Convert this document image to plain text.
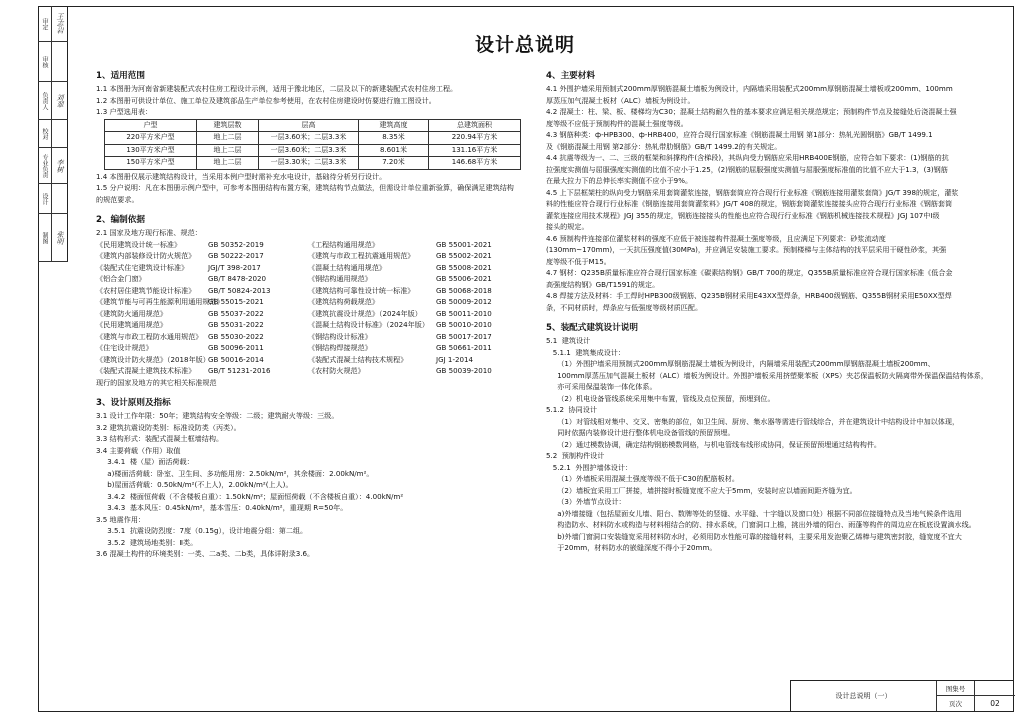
审定	王志岩
审核
负责人	刘翠
校对
专业负责	李树
设计
制图	张明
设计总说明
1、适用范围
1.1 本图册为河南省新建装配式农村住房工程设计示例，适用于豫北地区，二层及以下的新建装配式农村住房工程。
1.2 本图册可供设计单位、施工单位及建筑部品生产单位参考使用，在农村住房建设时仿要进行施工图设计。
1.3 户型选用表：
户型	建筑层数	层高	建筑高度	总建筑面积
220平方米户型	地上二层	一层3.60米；二层3.3米	8.35米	220.94平方米
130平方米户型	地上二层	一层3.60米；二层3.3米	8.601米	131.16平方米
150平方米户型	地上二层	一层3.30米；二层3.3米	7.20米	146.68平方米
1.4 本图册仅展示建筑结构设计，当采用本例户型时需补充水电设计，基础待分析另行设计。
1.5 分户说明：凡在本图册示例户型中，可参考本图册结构布置方案，建筑结构节点做法，但需设计单位重新验算，确保满足建筑结构的规范要求。
2、编制依据
2.1 国家及地方现行标准、规范：
《民用建筑设计统一标准》	GB 50352-2019	《工程结构通用规范》	GB 55001-2021
《建筑内部装修设计防火规范》	GB 50222-2017	《建筑与市政工程抗震通用规范》	GB 55002-2021
《装配式住宅建筑设计标准》	JGJ/T 398-2017	《混凝土结构通用规范》	GB 55008-2021
《铝合金门窗》	GB/T 8478-2020	《钢结构通用规范》	GB 55006-2021
《农村居住建筑节能设计标准》	GB/T 50824-2013	《建筑结构可靠性设计统一标准》	GB 50068-2018
《建筑节能与可再生能源利用通用规范》
GB 55015-2021	《建筑结构荷载规范》	GB 50009-2012
《建筑防火通用规范》	GB 55037-2022	《建筑抗震设计规范》（2024年版）	GB 50011-2010
《民用建筑通用规范》	GB 55031-2022	《混凝土结构设计标准》（2024年版） GB 50010-2010
《建筑与市政工程防水通用规范》 GB 55030-2022	《钢结构设计标准》	GB 50017-2017
《住宅设计规范》	GB 50096-2011	《钢结构焊接规范》	GB 50661-2011
《建筑设计防火规范》（2018年版）
GB 50016-2014	《装配式混凝土结构技术规程》	JGJ 1-2014
《装配式混凝土建筑技术标准》	GB/T 51231-2016	《农村防火规范》	GB 50039-2010
现行的国家及地方的其它相关标准规范
3、设计原则及指标
3.1 设计工作年限：50年；建筑结构安全等级：二级；建筑耐火等级：三级。
3.2 建筑抗震设防类别：标准设防类（丙类）。
3.3 结构形式：装配式混凝土框墙结构。
3.4 主要荷载（作用）取值
3.4.1  楼（屋）面活荷载：
a)楼面活荷载：卧室、卫生间、多功能用房：2.50kN/m²，其余楼面：2.00kN/m²。
b)屋面活荷载：0.50kN/m²(不上人)，2.00kN/m²(上人)。
3.4.2  楼面恒荷载（不含楼板自重）：1.50kN/m²；屋面恒荷载（不含楼板自重）：4.00kN/m²
3.4.3  基本风压：0.45kN/m²，基本雪压：0.40kN/m²，重现期 R=50年。
3.5 地震作用：
3.5.1  抗震设防烈度：7度（0.15g），设计地震分组：第二组。
3.5.2  建筑场地类别：Ⅱ类。
3.6 混凝土构件的环境类别：一类、二a类、二b类，具体详附录3.6。
4、主要材料
4.1 外围护墙采用预制式200mm厚钢筋混凝土墙板为例设计，内隔墙采用装配式200mm厚钢筋混凝土墙板或200mm、100mm
厚蒸压加气混凝土板材（ALC）墙板为例设计。
4.2 混凝土：柱、梁、板、楼梯均为C30；混凝土结构耐久性的基本要求应满足相关规范规定；预制构件节点及接缝处后浇混凝土强
度等级不应低于预制构件的混凝土强度等级。
4.3 钢筋种类：ф-HPB300、ф-HRB400，应符合现行国家标准《钢筋混凝土用钢 第1部分：热轧光圆钢筋》GB/T 1499.1
及《钢筋混凝土用钢 第2部分：热轧带肋钢筋》GB/T 1499.2的有关规定。
4.4 抗震等级为一、二、三级的框架和斜撑构件(含梯段)，其纵向受力钢筋应采用HRB400E钢筋，应符合如下要求：(1)钢筋的抗
拉强度实测值与屈服强度实测值的比值不应小于1.25，(2)钢筋的屈服强度实测值与屈服强度标准值的比值不应大于1.3，(3)钢筋
在最大拉力下的总伸长率实测值不应小于9%。
4.5 上下层框架柱的纵向受力钢筋采用套筒灌浆连接，钢筋套筒应符合现行行业标准《钢筋连接用灌浆套筒》JG/T 398的规定，灌浆
料的性能应符合现行行业标准《钢筋连接用套筒灌浆料》JG/T 408的规定，钢筋套筒灌浆连接接头应符合现行行业标准《钢筋套筒
灌浆连接应用技术规程》JGJ 355的规定，钢筋连接接头的性能也应符合现行行业标准《钢筋机械连接技术规程》JGJ 107中Ⅰ级
接头的规定。
4.6 预制构件连接部位灌浆材料的强度不应低于被连接构件混凝土强度等级，且应满足下列要求：砂浆流动度
(130mm~170mm)，一天抗压强度值(30MPa)，并应满足安装施工要求。预制楼梯与主体结构的找平层采用干硬性砂浆，其强
度等级不低于M15。
4.7 钢材：Q235B质量标准应符合现行国家标准《碳素结构钢》GB/T 700的规定，Q355B质量标准应符合现行国家标准《低合金
高强度结构钢》GB/T1591的规定。
4.8 焊接方法及材料：手工焊时HPB300级钢筋、Q235B钢材采用E43XX型焊条，HRB400级钢筋、Q355B钢材采用E50XX型焊
条，不同材质时，焊条应与低强度等级材质匹配。
5、装配式建筑设计说明
5.1  建筑设计
5.1.1  建筑集成设计：
（1）外围护墙采用预制式200mm厚钢筋混凝土墙板为例设计，内隔墙采用装配式200mm厚钢筋混凝土墙板200mm、
100mm厚蒸压加气混凝土板材（ALC）墙板为例设计。外围护墙板采用挤塑聚苯板（XPS）夹芯保温板防火隔离带外保温保温结构体系，
亦可采用保温装饰一体化体系。
（2）机电设备管线系统采用集中布置，管线及点位预留，预埋到位。
5.1.2  协同设计
（1）对管线相对集中、交叉、密集的部位，如卫生间、厨房、集水器等需进行管线综合，并在建筑设计中结构设计中加以体现，
同时依据内装修设计进行整体机电设备管线的预留预埋。
（2）通过模数协调，确定结构钢筋模数网格，与机电管线布线形成协同，保证预留预埋通过结构构件。
5.2  预制构件设计
5.2.1  外围护墙体设计：
（1）外墙板采用混凝土强度等级不低于C30的配筋板材。
（2）墙板宜采用工厂拼接，墙拼接时板缝宽度不应大于5mm，安装时应以墙面间距齐缝为宜。
（3）外墙节点设计：
a)外墙接缝（包括屋面女儿墙、阳台、数牌等处的竖缝、水平缝、十字缝以及窗口处）根据不同部位接缝特点及当地气候条件选用
构造防水、材料防水或构造与材料相结合的防、排水系统，门窗洞口上檐，挑出外墙的阳台、雨蓬等构件的周边应在板底设置滴水线。
b)外墙门窗洞口安装缝宽采用材料防水时，必须用防水性能可靠的接缝材料，主要采用发泡聚乙烯棒与建筑密封胶，缝宽度不宜大
于20mm，材料防水的嵌缝深度不得小于20mm。
设计总说明（一）
图集号
页次	02
